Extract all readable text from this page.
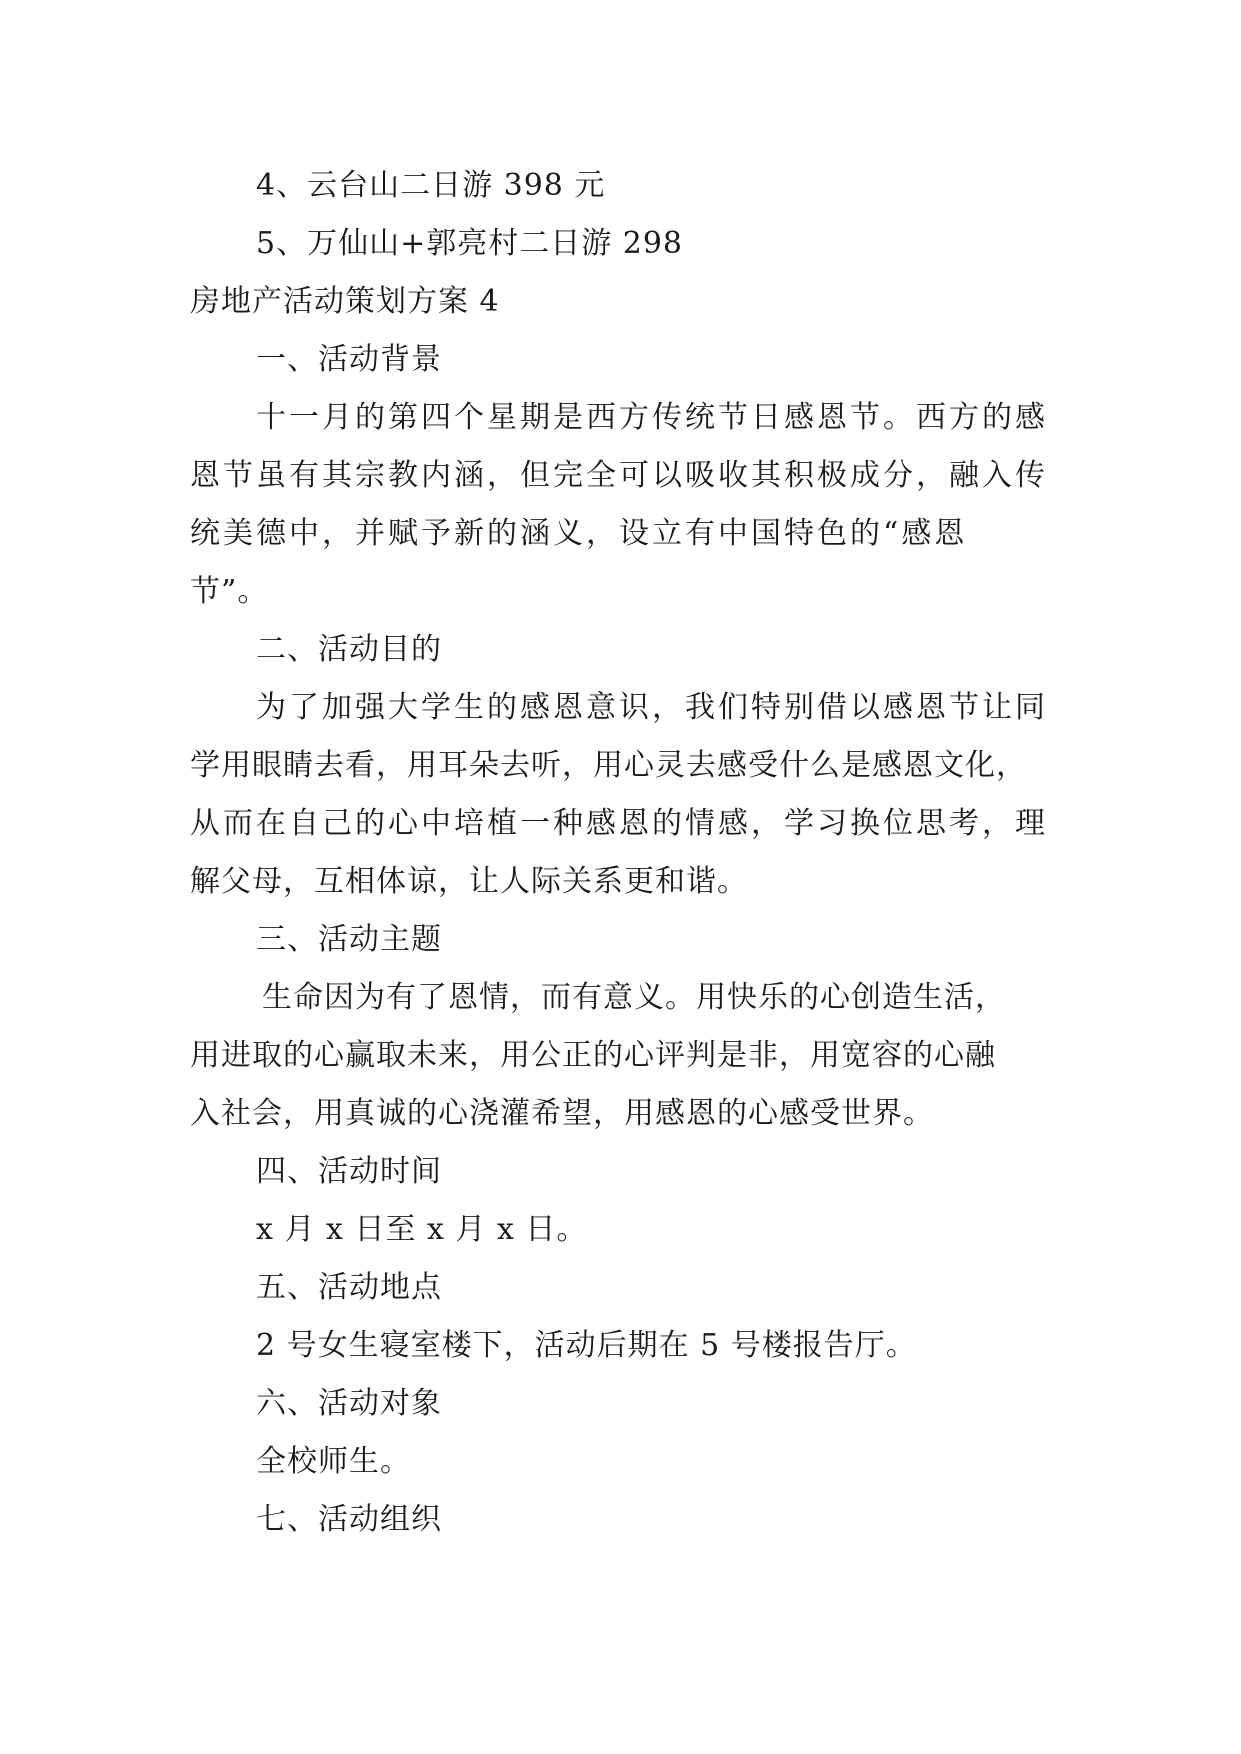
4、云台山二日游 398 元
5、万仙山+郭亮村二日游 298
房地产活动策划方案 4
一、活动背景
十一月的第四个星期是西方传统节日感恩节。西方的感
恩节虽有其宗教内涵，但完全可以吸收其积极成分，融入传
统美德中，并赋予新的涵义，设立有中国特色的“感恩
节”。
二、活动目的
为了加强大学生的感恩意识，我们特别借以感恩节让同
学用眼睛去看，用耳朵去听，用心灵去感受什么是感恩文化，
从而在自己的心中培植一种感恩的情感，学习换位思考，理
解父母，互相体谅，让人际关系更和谐。
三、活动主题
生命因为有了恩情，而有意义。用快乐的心创造生活，
用进取的心赢取未来，用公正的心评判是非，用宽容的心融
入社会，用真诚的心浇灌希望，用感恩的心感受世界。
四、活动时间
x 月 x 日至 x 月 x 日。
五、活动地点
2 号女生寝室楼下，活动后期在 5 号楼报告厅。
六、活动对象
全校师生。
七、活动组织
